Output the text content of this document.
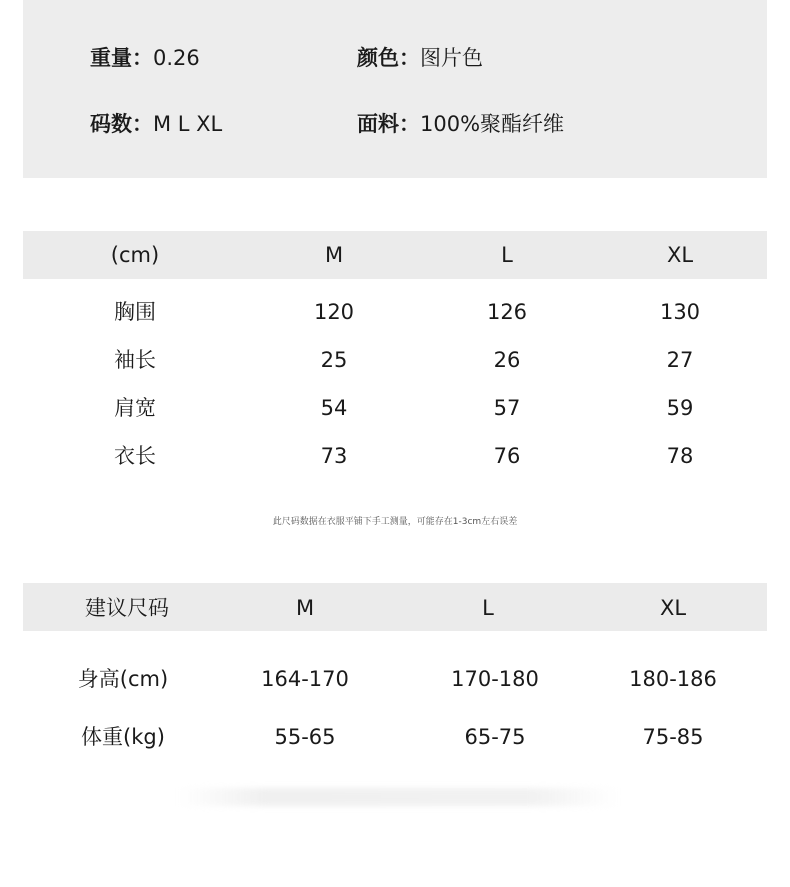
重量：0.26	颜色：图片色
码数：M L XL	面料：100%聚酯纤维
(cm)	M	L	XL
胸围	120	126	130
袖长	25	26	27
肩宽	54	57	59
衣长	73	76	78
此尺码数据在衣服平铺下手工测量，可能存在1-3cm左右误差
建议尺码	M	L	XL
身高(cm)	164-170	170-180	180-186
体重(kg)	55-65	65-75	75-85
